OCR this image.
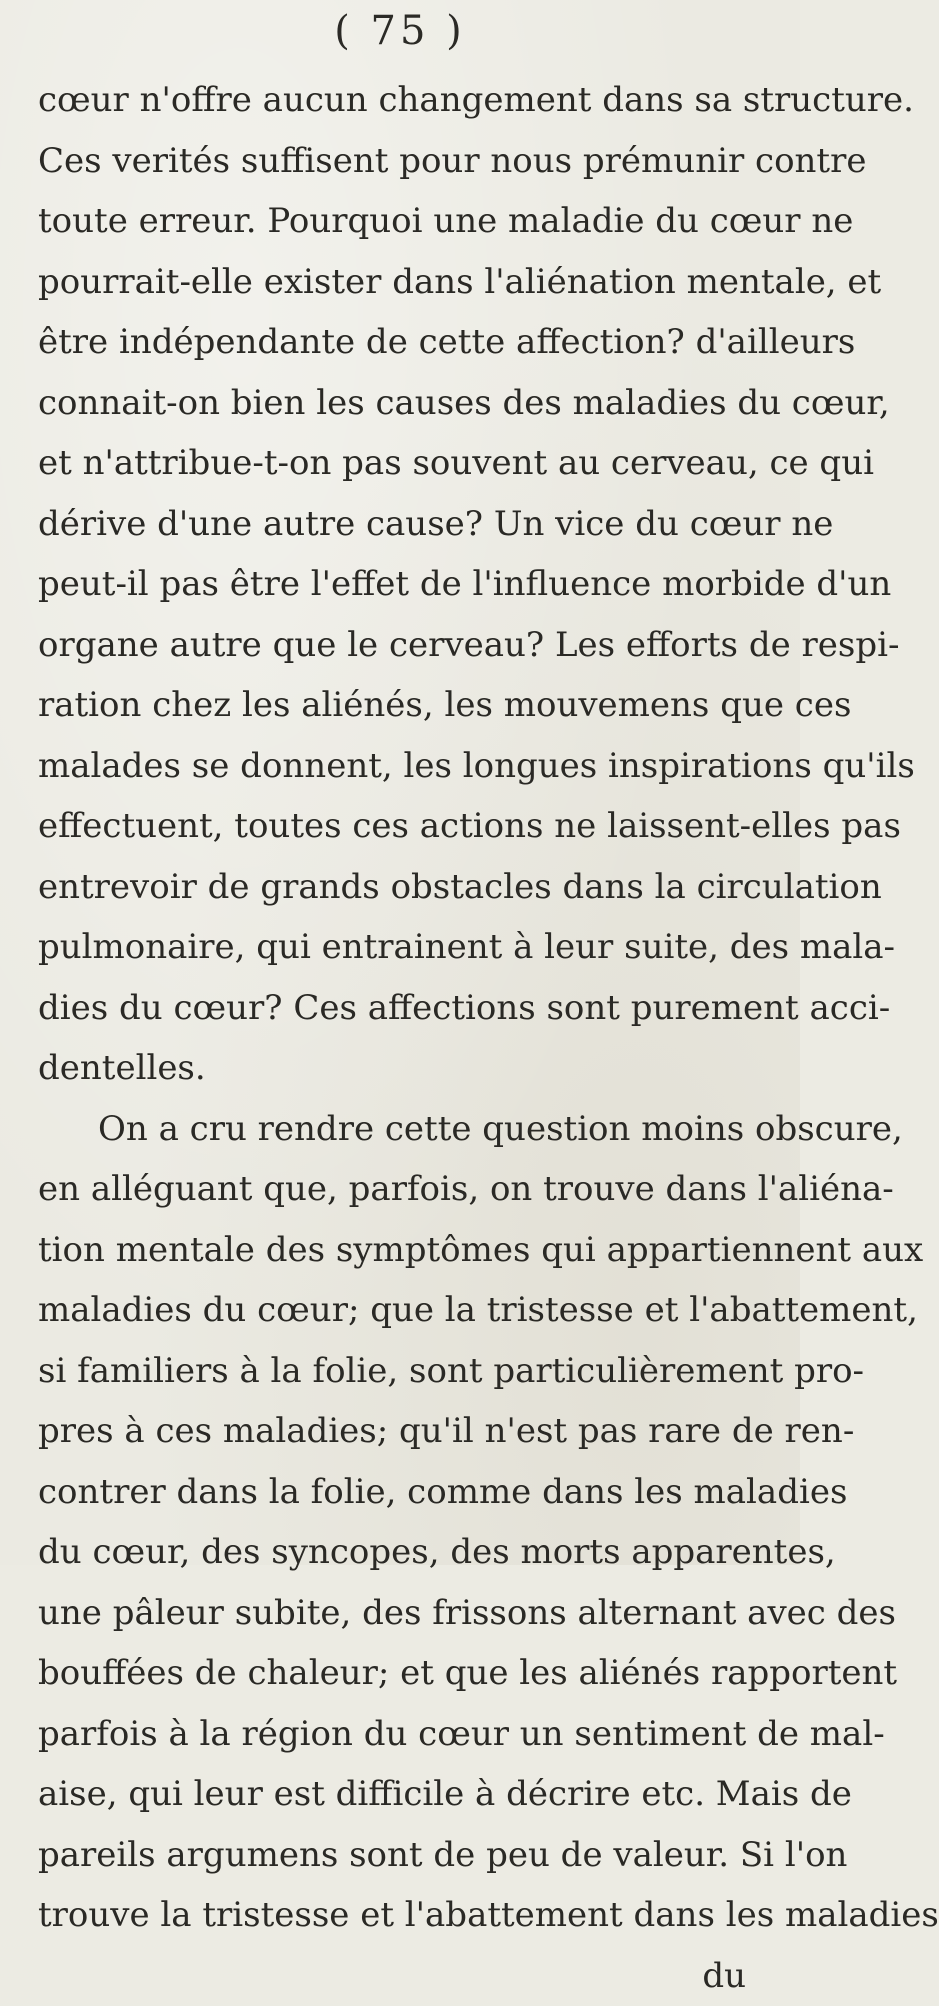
( 75 )
cœur n'offre aucun changement dans sa structure.
Ces verités suffisent pour nous prémunir contre
toute erreur. Pourquoi une maladie du cœur ne
pourrait-elle exister dans l'aliénation mentale, et
être indépendante de cette affection? d'ailleurs
connait-on bien les causes des maladies du cœur,
et n'attribue-t-on pas souvent au cerveau, ce qui
dérive d'une autre cause? Un vice du cœur ne
peut-il pas être l'effet de l'influence morbide d'un
organe autre que le cerveau? Les efforts de respi-
ration chez les aliénés, les mouvemens que ces
malades se donnent, les longues inspirations qu'ils
effectuent, toutes ces actions ne laissent-elles pas
entrevoir de grands obstacles dans la circulation
pulmonaire, qui entrainent à leur suite, des mala-
dies du cœur? Ces affections sont purement acci-
dentelles.
On a cru rendre cette question moins obscure,
en alléguant que, parfois, on trouve dans l'aliéna-
tion mentale des symptômes qui appartiennent aux
maladies du cœur; que la tristesse et l'abattement,
si familiers à la folie, sont particulièrement pro-
pres à ces maladies; qu'il n'est pas rare de ren-
contrer dans la folie, comme dans les maladies
du cœur, des syncopes, des morts apparentes,
une pâleur subite, des frissons alternant avec des
bouffées de chaleur; et que les aliénés rapportent
parfois à la région du cœur un sentiment de mal-
aise, qui leur est difficile à décrire etc. Mais de
pareils argumens sont de peu de valeur. Si l'on
trouve la tristesse et l'abattement dans les maladies
du
